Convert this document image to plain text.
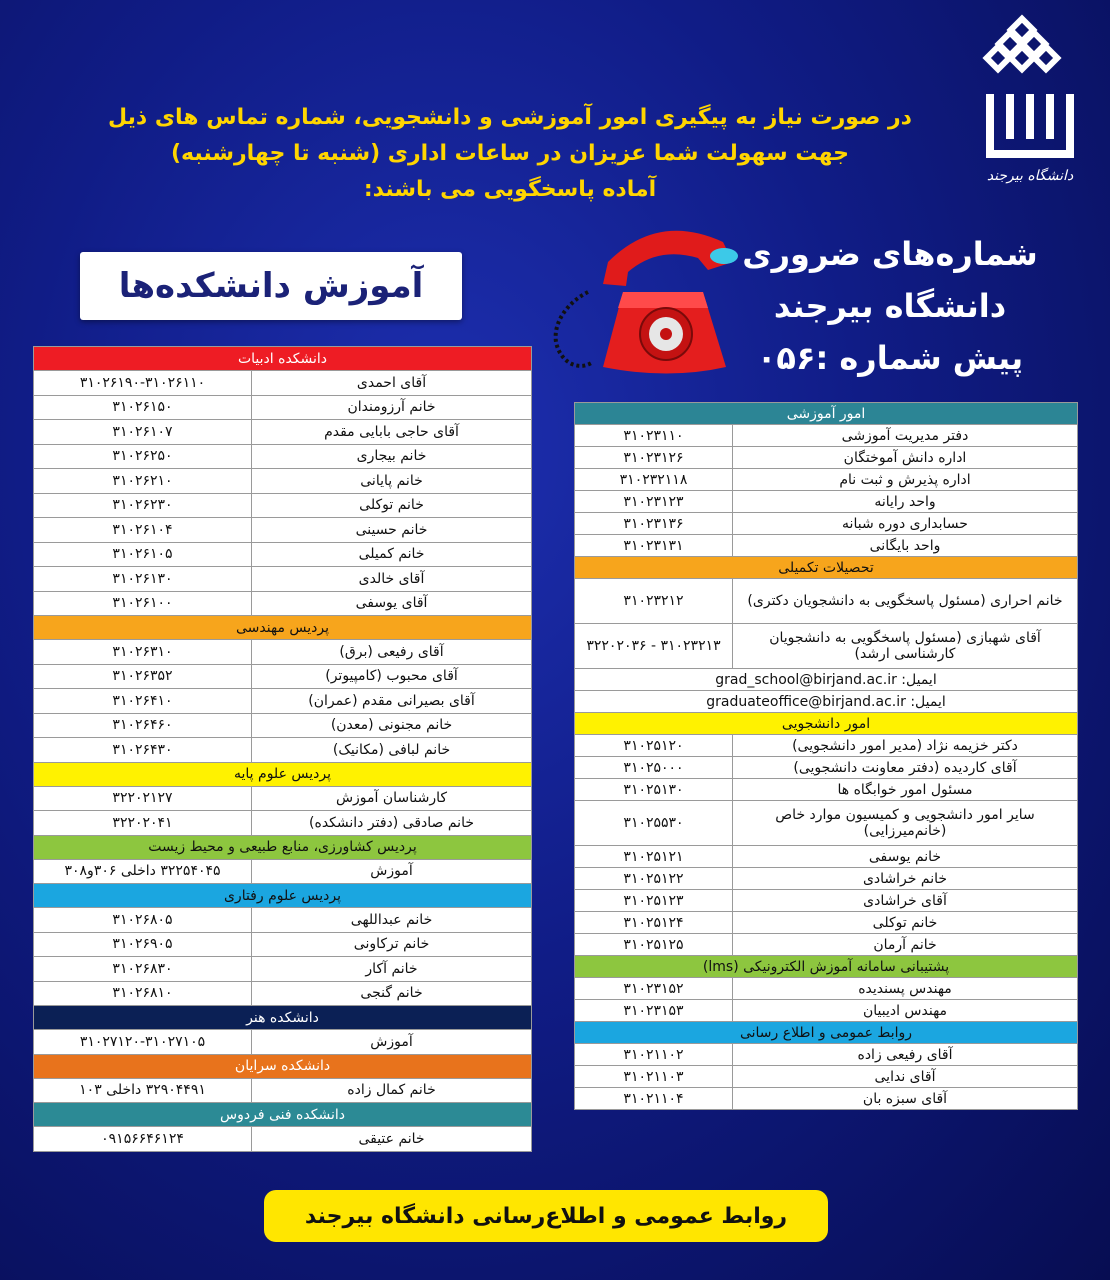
در صورت نیاز به پیگیری امور آموزشی و دانشجویی، شماره تماس های ذیل
جهت سهولت شما عزیزان در ساعات اداری (شنبه تا چهارشنبه)
آماده پاسخگویی می باشند:
دانشگاه بیرجند
شماره‌های ضروری
دانشگاه بیرجند
پیش شماره :۰۵۶
آموزش دانشکده‌ها
دانشکده ادبیات	
آقای احمدی	۳۱۰۲۶۱۹۰-۳۱۰۲۶۱۱۰
خانم آرزومندان	۳۱۰۲۶۱۵۰
آقای حاجی بابایی مقدم	۳۱۰۲۶۱۰۷
خانم بیجاری	۳۱۰۲۶۲۵۰
خانم پایانی	۳۱۰۲۶۲۱۰
خانم توکلی	۳۱۰۲۶۲۳۰
خانم حسینی	۳۱۰۲۶۱۰۴
خانم کمیلی	۳۱۰۲۶۱۰۵
آقای خالدی	۳۱۰۲۶۱۳۰
آقای یوسفی	۳۱۰۲۶۱۰۰
پردیس مهندسی	
آقای رفیعی (برق)	۳۱۰۲۶۳۱۰
آقای محبوب (کامپیوتر)	۳۱۰۲۶۳۵۲
آقای بصیرانی مقدم (عمران)	۳۱۰۲۶۴۱۰
خانم مجنونی (معدن)	۳۱۰۲۶۴۶۰
خانم لبافی (مکانیک)	۳۱۰۲۶۴۳۰
پردیس علوم پایه	
کارشناسان آموزش	۳۲۲۰۲۱۲۷
خانم صادقی (دفتر دانشکده)	۳۲۲۰۲۰۴۱
پردیس کشاورزی، منابع طبیعی و محیط زیست	
آموزش	۳۲۲۵۴۰۴۵ داخلی ۳۰۶و۳۰۸
پردیس علوم رفتاری	
خانم عبداللهی	۳۱۰۲۶۸۰۵
خانم ترکاونی	۳۱۰۲۶۹۰۵
خانم آکار	۳۱۰۲۶۸۳۰
خانم گنجی	۳۱۰۲۶۸۱۰
دانشکده هنر	
آموزش	۳۱۰۲۷۱۲۰-۳۱۰۲۷۱۰۵
دانشکده سرایان	
خانم کمال زاده	۳۲۹۰۴۴۹۱ داخلی ۱۰۳
دانشکده فنی فردوس	
خانم عتیقی	۰۹۱۵۶۶۴۶۱۲۴
امور آموزشی	
دفتر مدیریت آموزشی	۳۱۰۲۳۱۱۰
اداره دانش آموختگان	۳۱۰۲۳۱۲۶
اداره پذیرش و ثبت نام	۳۱۰۲۳۲۱۱۸
واحد رایانه	۳۱۰۲۳۱۲۳
حسابداری دوره شبانه	۳۱۰۲۳۱۳۶
واحد بایگانی	۳۱۰۲۳۱۳۱
تحصیلات تکمیلی	
خانم احراری (مسئول پاسخگویی به دانشجویان دکتری)	۳۱۰۲۳۲۱۲
آقای شهبازی (مسئول پاسخگویی به دانشجویان کارشناسی ارشد)	۳۱۰۲۳۲۱۳ - ۳۲۲۰۲۰۳۶
ایمیل: grad_school@birjand.ac.ir	
ایمیل: graduateoffice@birjand.ac.ir	
امور دانشجویی	
دکتر خزیمه نژاد (مدیر امور دانشجویی)	۳۱۰۲۵۱۲۰
آقای کاردیده (دفتر معاونت دانشجویی)	۳۱۰۲۵۰۰۰
مسئول امور خوابگاه ها	۳۱۰۲۵۱۳۰
سایر امور دانشجویی و کمیسیون موارد خاص (خانم‌میرزایی)	۳۱۰۲۵۵۳۰
خانم یوسفی	۳۱۰۲۵۱۲۱
خانم خراشادی	۳۱۰۲۵۱۲۲
آقای خراشادی	۳۱۰۲۵۱۲۳
خانم توکلی	۳۱۰۲۵۱۲۴
خانم آرمان	۳۱۰۲۵۱۲۵
پشتیبانی سامانه آموزش الکترونیکی (lms)	
مهندس پسندیده	۳۱۰۲۳۱۵۲
مهندس ادیبیان	۳۱۰۲۳۱۵۳
روابط عمومی و اطلاع رسانی	
آقای رفیعی زاده	۳۱۰۲۱۱۰۲
آقای ندایی	۳۱۰۲۱۱۰۳
آقای سبزه بان	۳۱۰۲۱۱۰۴
روابط عمومی و اطلاع‌رسانی دانشگاه بیرجند
